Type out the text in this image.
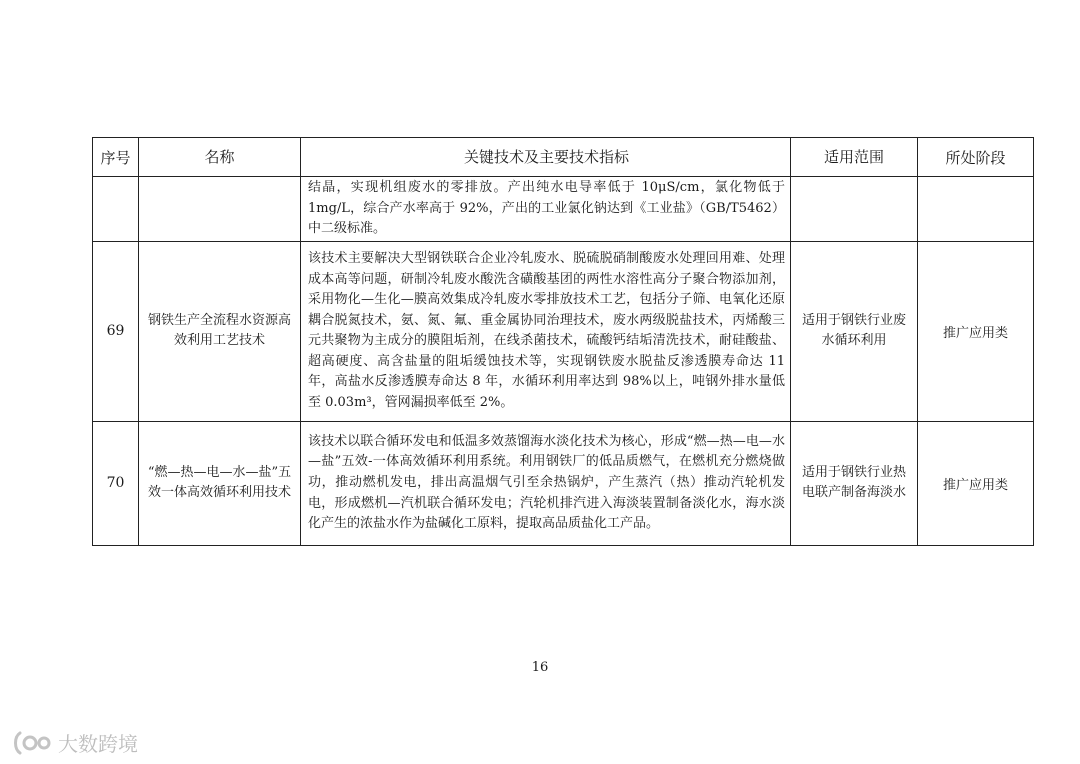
序号	名称	关键技术及主要技术指标	适用范围	所处阶段
		结晶，实现机组废水的零排放。产出纯水电导率低于 10μS/cm，氯化物低于 1mg/L，综合产水率高于 92%，产出的工业氯化钠达到《工业盐》（GB/T5462）中二级标准。		
69	钢铁生产全流程水资源高效利用工艺技术	该技术主要解决大型钢铁联合企业冷轧废水、脱硫脱硝制酸废水处理回用难、处理成本高等问题，研制冷轧废水酸洗含磺酸基团的两性水溶性高分子聚合物添加剂，采用物化—生化—膜高效集成冷轧废水零排放技术工艺，包括分子筛、电氧化还原耦合脱氮技术，氨、氮、氟、重金属协同治理技术，废水两级脱盐技术，丙烯酸三元共聚物为主成分的膜阻垢剂，在线杀菌技术，硫酸钙结垢清洗技术，耐硅酸盐、超高硬度、高含盐量的阻垢缓蚀技术等，实现钢铁废水脱盐反渗透膜寿命达 11 年，高盐水反渗透膜寿命达 8 年，水循环利用率达到 98%以上，吨钢外排水量低至 0.03m³，管网漏损率低至 2%。	适用于钢铁行业废水循环利用	推广应用类
70	“燃—热—电—水—盐”五效一体高效循环利用技术	该技术以联合循环发电和低温多效蒸馏海水淡化技术为核心，形成“燃—热—电—水—盐”五效-一体高效循环利用系统。利用钢铁厂的低品质燃气，在燃机充分燃烧做功，推动燃机发电，排出高温烟气引至余热锅炉，产生蒸汽（热）推动汽轮机发电，形成燃机—汽机联合循环发电；汽轮机排汽进入海淡装置制备淡化水，海水淡化产生的浓盐水作为盐碱化工原料，提取高品质盐化工产品。	适用于钢铁行业热电联产制备海淡水	推广应用类
16
大数跨境
